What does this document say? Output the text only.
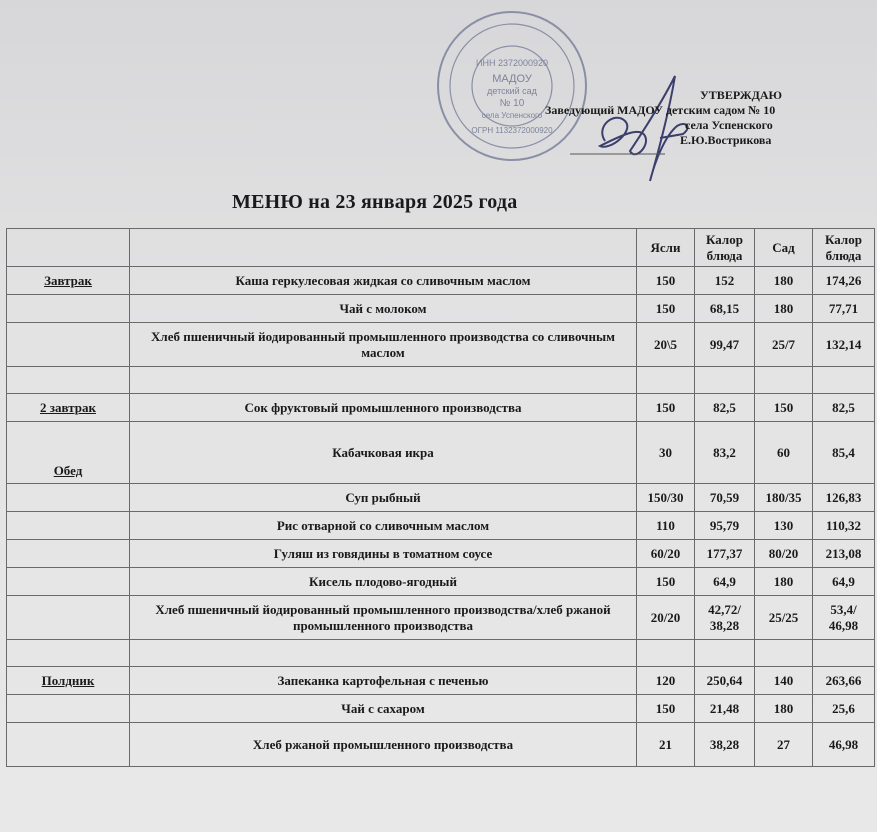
ИНН 2372000920
МАДОУ
детский сад
№ 10
села Успенского
ОГРН 1132372000920
УТВЕРЖДАЮ
Заведующий МАДОУ детским садом № 10
села Успенского
Е.Ю.Вострикова
МЕНЮ на 23 января 2025 года
		Ясли	Калор блюда	Сад	Калор блюда
Завтрак	Каша геркулесовая жидкая со сливочным маслом	150	152	180	174,26
	Чай с молоком	150	68,15	180	77,71
	Хлеб пшеничный йодированный промышленного производства со сливочным маслом	20\5	99,47	25/7	132,14

2 завтрак	Сок фруктовый промышленного производства	150	82,5	150	82,5
Обед	Кабачковая икра	30	83,2	60	85,4
	Суп рыбный	150/30	70,59	180/35	126,83
	Рис отварной со сливочным маслом	110	95,79	130	110,32
	Гуляш из говядины в томатном соусе	60/20	177,37	80/20	213,08
	Кисель плодово-ягодный	150	64,9	180	64,9
	Хлеб пшеничный йодированный промышленного производства/хлеб ржаной промышленного производства	20/20	42,72/ 38,28	25/25	53,4/ 46,98

Полдник	Запеканка картофельная с печенью	120	250,64	140	263,66
	Чай с сахаром	150	21,48	180	25,6
	Хлеб ржаной промышленного производства	21	38,28	27	46,98
